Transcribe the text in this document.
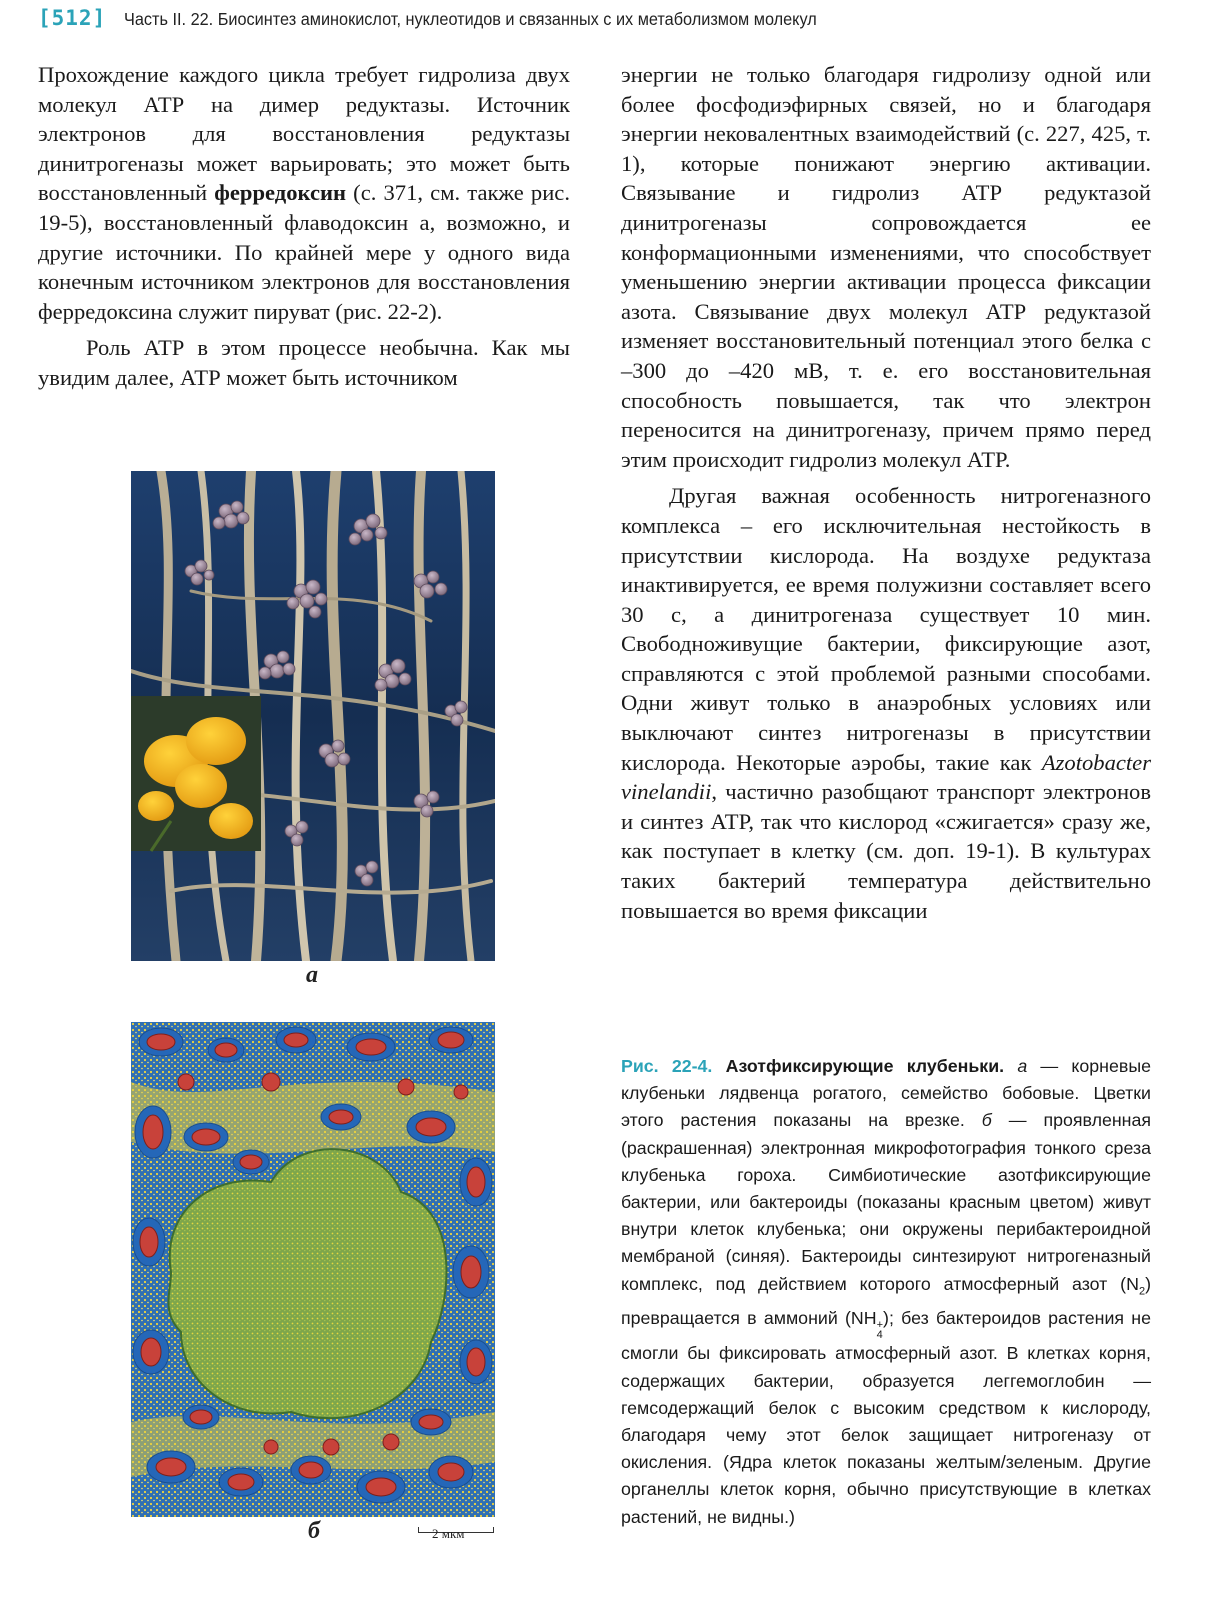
[512] Часть II. 22. Биосинтез аминокислот, нуклеотидов и связанных с их метаболизмом молекул

Прохождение каждого цикла требует гидролиза двух молекул АТР на димер редуктазы. Источник электронов для восстановления редуктазы динитрогеназы может варьировать; это может быть восстановленный ферредоксин (с. 371, см. также рис. 19-5), восстановленный флаводоксин а, возможно, и другие источники. По крайней мере у одного вида конечным источником электронов для восстановления ферредоксина служит пируват (рис. 22-2).

Роль АТР в этом процессе необычна. Как мы увидим далее, АТР может быть источником

энергии не только благодаря гидролизу одной или более фосфодиэфирных связей, но и благодаря энергии нековалентных взаимодействий (с. 227, 425, т. 1), которые понижают энергию активации. Связывание и гидролиз АТР редуктазой динитрогеназы сопровождается ее конформационными изменениями, что способствует уменьшению энергии активации процесса фиксации азота. Связывание двух молекул АТР редуктазой изменяет восстановительный потенциал этого белка с –300 до –420 мВ, т. е. его восстановительная способность повышается, так что электрон переносится на динитрогеназу, причем прямо перед этим происходит гидролиз молекул АТР.

Другая важная особенность нитрогеназного комплекса – его исключительная нестойкость в присутствии кислорода. На воздухе редуктаза инактивируется, ее время полужизни составляет всего 30 с, а динитрогеназа существует 10 мин. Свободноживущие бактерии, фиксирующие азот, справляются с этой проблемой разными способами. Одни живут только в анаэробных условиях или выключают синтез нитрогеназы в присутствии кислорода. Некоторые аэробы, такие как Azotobacter vinelandii, частично разобщают транспорт электронов и синтез АТР, так что кислород «сжигается» сразу же, как поступает в клетку (см. доп. 19-1). В культурах таких бактерий температура действительно повышается во время фиксации

а
б	2 мкм
Рис. 22-4. Азотфиксирующие клубеньки. а — корневые клубеньки лядвенца рогатого, семейство бобовые. Цветки этого растения показаны на врезке. б — проявленная (раскрашенная) электронная микрофотография тонкого среза клубенька гороха. Симбиотические азотфиксирующие бактерии, или бактероиды (показаны красным цветом) живут внутри клеток клубенька; они окружены перибактероидной мембраной (синяя). Бактероиды синтезируют нитрогеназный комплекс, под действием которого атмосферный азот $(N_2)$ превращается в аммоний (NH +
4
); без бактероидов растения не смогли бы фиксировать атмосферный азот. В клетках корня, содержащих бактерии, образуется леггемоглобин — гемсодержащий белок с высоким средством к кислороду, благодаря чему этот белок защищает нитрогеназу от окисления. (Ядра клеток показаны желтым/зеленым. Другие органеллы клеток корня, обычно присутствующие в клетках растений, не видны.)
